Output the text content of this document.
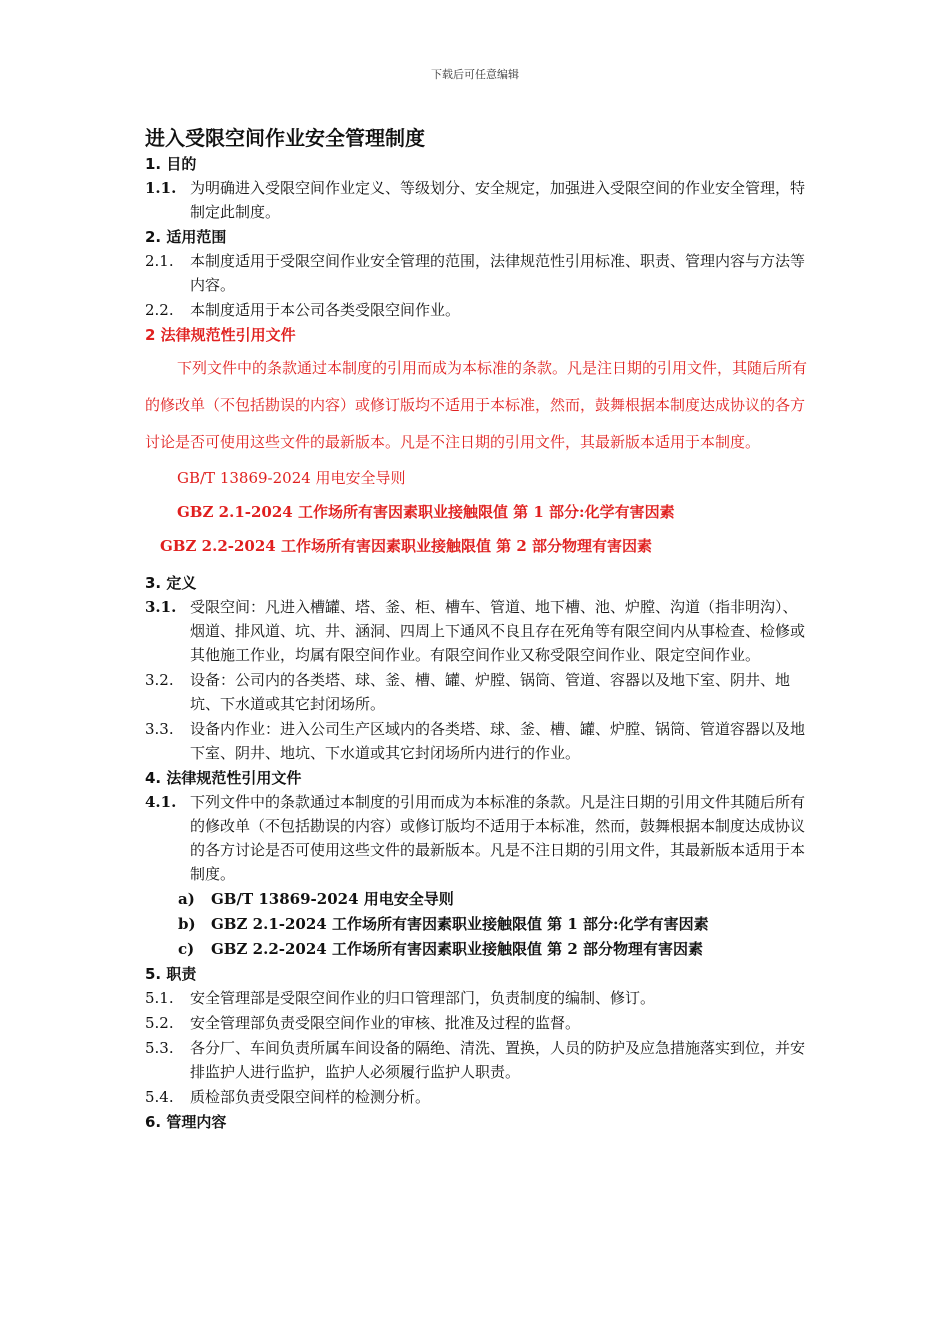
下载后可任意编辑
进入受限空间作业安全管理制度
1. 目的
1.1. 为明确进入受限空间作业定义、等级划分、安全规定，加强进入受限空间的作业安全管理，特制定此制度。
2. 适用范围
2.1. 本制度适用于受限空间作业安全管理的范围，法律规范性引用标准、职责、管理内容与方法等内容。
2.2. 本制度适用于本公司各类受限空间作业。
2 法律规范性引用文件
下列文件中的条款通过本制度的引用而成为本标准的条款。凡是注日期的引用文件，其随后所有的修改单（不包括勘误的内容）或修订版均不适用于本标准，然而，鼓舞根据本制度达成协议的各方讨论是否可使用这些文件的最新版本。凡是不注日期的引用文件，其最新版本适用于本制度。
GB/T 13869-2024 用电安全导则
GBZ 2.1-2024 工作场所有害因素职业接触限值 第 1 部分:化学有害因素
GBZ 2.2-2024 工作场所有害因素职业接触限值 第 2 部分物理有害因素
3. 定义
3.1. 受限空间：凡进入槽罐、塔、釜、柜、槽车、管道、地下槽、池、炉膛、沟道（指非明沟）、烟道、排风道、坑、井、涵洞、四周上下通风不良且存在死角等有限空间内从事检查、检修或其他施工作业，均属有限空间作业。有限空间作业又称受限空间作业、限定空间作业。
3.2. 设备：公司内的各类塔、球、釜、槽、罐、炉膛、锅筒、管道、容器以及地下室、阴井、地坑、下水道或其它封闭场所。
3.3. 设备内作业：进入公司生产区域内的各类塔、球、釜、槽、罐、炉膛、锅筒、管道容器以及地下室、阴井、地坑、下水道或其它封闭场所内进行的作业。
4. 法律规范性引用文件
4.1. 下列文件中的条款通过本制度的引用而成为本标准的条款。凡是注日期的引用文件其随后所有的修改单（不包括勘误的内容）或修订版均不适用于本标准，然而，鼓舞根据本制度达成协议的各方讨论是否可使用这些文件的最新版本。凡是不注日期的引用文件，其最新版本适用于本制度。
a) GB/T 13869-2024 用电安全导则
b) GBZ 2.1-2024 工作场所有害因素职业接触限值 第 1 部分:化学有害因素
c) GBZ 2.2-2024 工作场所有害因素职业接触限值 第 2 部分物理有害因素
5. 职责
5.1. 安全管理部是受限空间作业的归口管理部门，负责制度的编制、修订。
5.2. 安全管理部负责受限空间作业的审核、批准及过程的监督。
5.3. 各分厂、车间负责所属车间设备的隔绝、清洗、置换，人员的防护及应急措施落实到位，并安排监护人进行监护，监护人必须履行监护人职责。
5.4. 质检部负责受限空间样的检测分析。
6. 管理内容
